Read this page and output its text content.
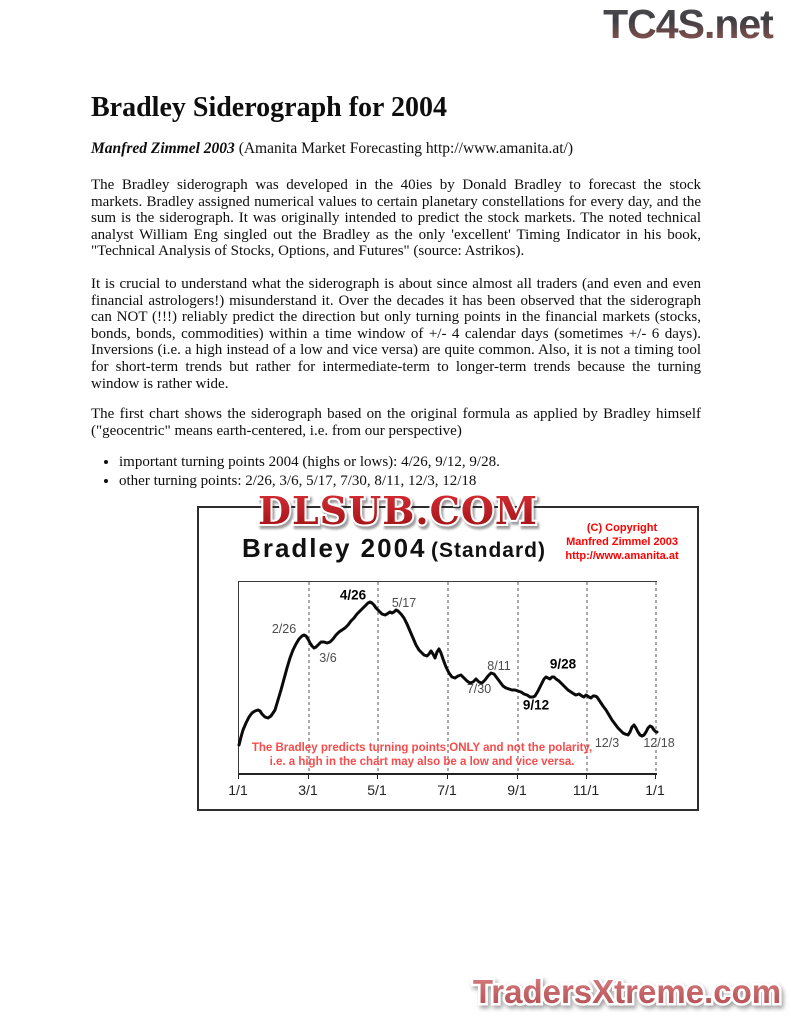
TC4S.net
Bradley Siderograph for 2004
Manfred Zimmel 2003 (Amanita Market Forecasting http://www.amanita.at/)
The Bradley siderograph was developed in the 40ies by Donald Bradley to forecast the stock markets. Bradley assigned numerical values to certain planetary constellations for every day, and the sum is the siderograph. It was originally intended to predict the stock markets. The noted technical analyst William Eng singled out the Bradley as the only 'excellent' Timing Indicator in his book, "Technical Analysis of Stocks, Options, and Futures" (source: Astrikos).
It is crucial to understand what the siderograph is about since almost all traders (and even and even financial astrologers!) misunderstand it. Over the decades it has been observed that the siderograph can NOT (!!!) reliably predict the direction but only turning points in the financial markets (stocks, bonds, bonds, commodities) within a time window of +/- 4 calendar days (sometimes +/- 6 days). Inversions (i.e. a high instead of a low and vice versa) are quite common. Also, it is not a timing tool for short-term trends but rather for intermediate-term to longer-term trends because the turning window is rather wide.
The first chart shows the siderograph based on the original formula as applied by Bradley himself ("geocentric" means earth-centered, i.e. from our perspective)
• important turning points 2004 (highs or lows): 4/26, 9/12, 9/28.
• other turning points: 2/26, 3/6, 5/17, 7/30, 8/11, 12/3, 12/18
DLSUB.COM
Bradley 2004 (Standard)
(C) Copyright
Manfred Zimmel 2003
http://www.amanita.at
The Bradley predicts turning points ONLY and not the polarity,
i.e. a high in the chart may also be a low and vice versa.
2/26
3/6
4/26
5/17
7/30
8/11
9/12
9/28
12/3 12/18
1/1	3/1	5/1	7/1	9/1	11/1	1/1
TradersXtreme.com
